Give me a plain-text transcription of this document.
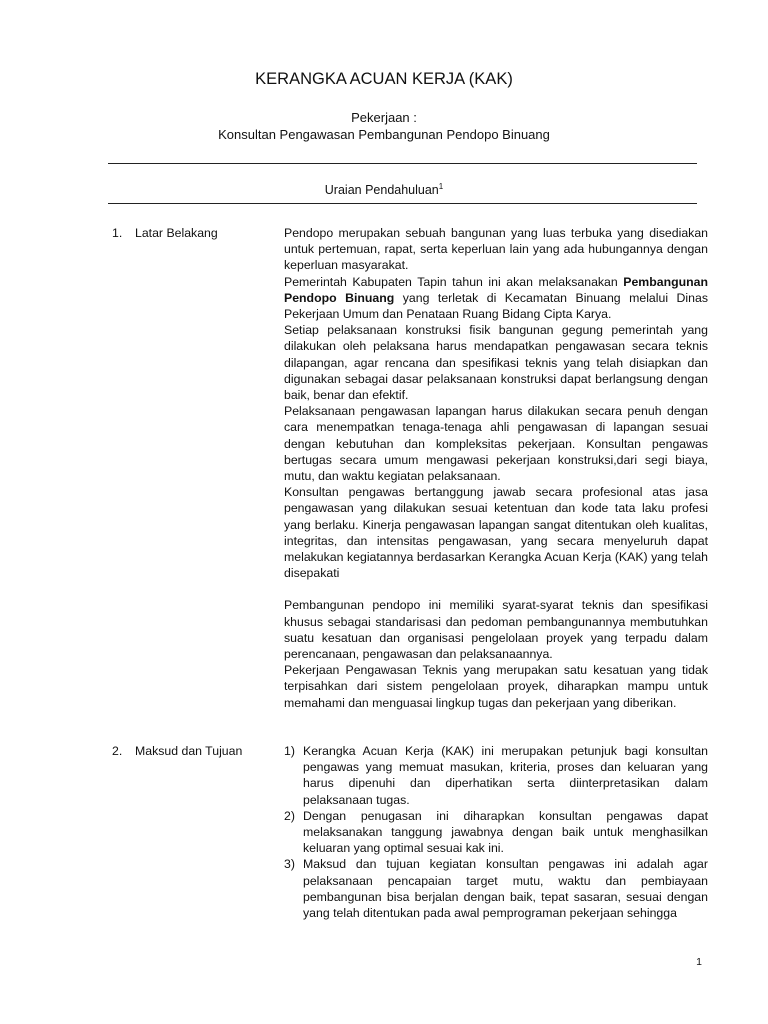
KERANGKA ACUAN KERJA (KAK)
Pekerjaan :
Konsultan Pengawasan Pembangunan Pendopo Binuang
Uraian Pendahuluan$^1$
1. Latar Belakang	Pendopo merupakan sebuah bangunan yang luas terbuka yang disediakan untuk pertemuan, rapat, serta keperluan lain yang ada hubungannya dengan keperluan masyarakat.

Pemerintah Kabupaten Tapin tahun ini akan melaksanakan Pembangunan Pendopo Binuang yang terletak di Kecamatan Binuang melalui Dinas Pekerjaan Umum dan Penataan Ruang Bidang Cipta Karya.

Setiap pelaksanaan konstruksi fisik bangunan gegung pemerintah yang dilakukan oleh pelaksana harus mendapatkan pengawasan secara teknis dilapangan, agar rencana dan spesifikasi teknis yang telah disiapkan dan digunakan sebagai dasar pelaksanaan konstruksi dapat berlangsung dengan baik, benar dan efektif.

Pelaksanaan pengawasan lapangan harus dilakukan secara penuh dengan cara menempatkan tenaga-tenaga ahli pengawasan di lapangan sesuai dengan kebutuhan dan kompleksitas pekerjaan. Konsultan pengawas bertugas secara umum mengawasi pekerjaan konstruksi,dari segi biaya, mutu, dan waktu kegiatan pelaksanaan.

Konsultan pengawas bertanggung jawab secara profesional atas jasa pengawasan yang dilakukan sesuai ketentuan dan kode tata laku profesi yang berlaku. Kinerja pengawasan lapangan sangat ditentukan oleh kualitas, integritas, dan intensitas pengawasan, yang secara menyeluruh dapat melakukan kegiatannya berdasarkan Kerangka Acuan Kerja (KAK) yang telah disepakati

Pembangunan pendopo ini memiliki syarat-syarat teknis dan spesifikasi khusus sebagai standarisasi dan pedoman pembangunannya membutuhkan suatu kesatuan dan organisasi pengelolaan proyek yang terpadu dalam perencanaan, pengawasan dan pelaksanaannya.

Pekerjaan Pengawasan Teknis yang merupakan satu kesatuan yang tidak terpisahkan dari sistem pengelolaan proyek, diharapkan mampu untuk memahami dan menguasai lingkup tugas dan pekerjaan yang diberikan.

2. Maksud dan Tujuan	1) Kerangka Acuan Kerja (KAK) ini merupakan petunjuk bagi konsultan pengawas yang memuat masukan, kriteria, proses dan keluaran yang harus dipenuhi dan diperhatikan serta diinterpretasikan dalam pelaksanaan tugas.
2) Dengan penugasan ini diharapkan konsultan pengawas dapat melaksanakan tanggung jawabnya dengan baik untuk menghasilkan keluaran yang optimal sesuai kak ini.
3) Maksud dan tujuan kegiatan konsultan pengawas ini adalah agar pelaksanaan pencapaian target mutu, waktu dan pembiayaan pembangunan bisa berjalan dengan baik, tepat sasaran, sesuai dengan yang telah ditentukan pada awal pemprograman pekerjaan sehingga
1
